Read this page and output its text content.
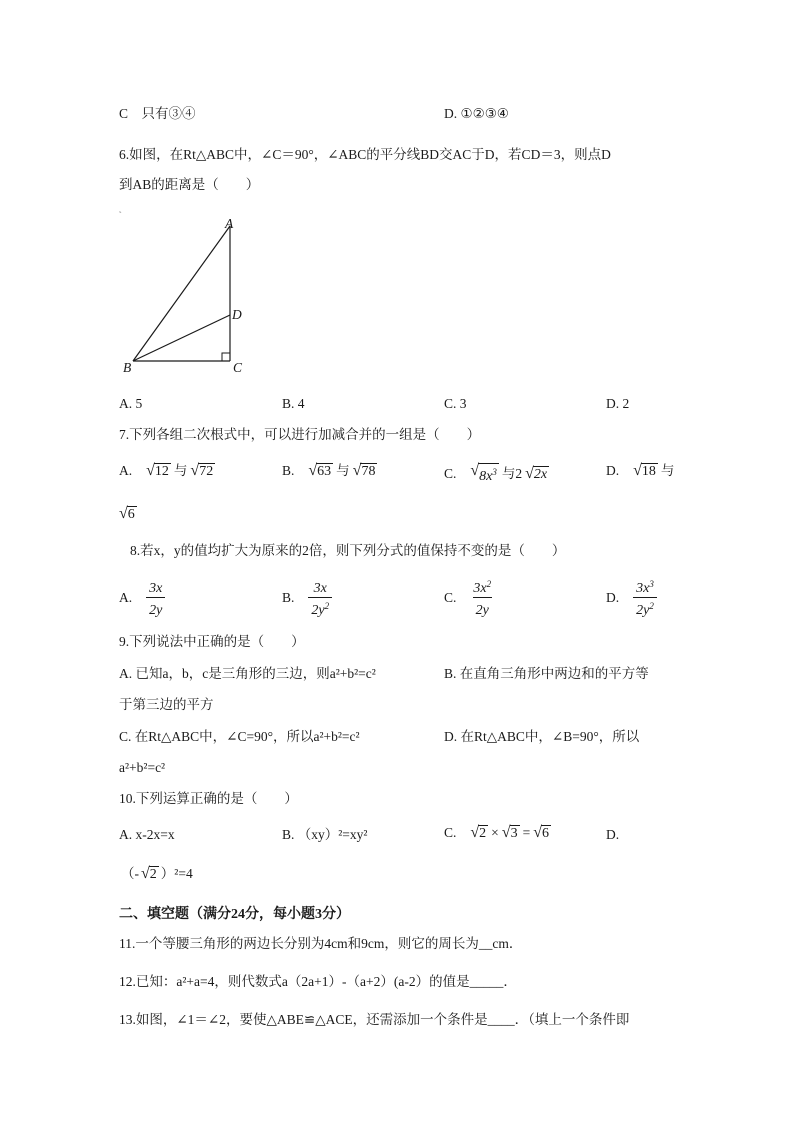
C　只有③④	D. ①②③④
6.如图，在Rt△ABC中，∠C＝90°，∠ABC的平分线BD交AC于D，若CD＝3，则点D
到AB的距离是（　　）
˛
A
D
B	C
A. 5	B. 4	C. 3	D. 2
7.下列各组二次根式中，可以进行加减合并的一组是（　　）
A. √ 12 与 √ 72	B. √ 63 与 √ 78	C. √ $8x^3$ 与2 √ 2x	D. √ 18 与
√ 6
8.若x，y的值均扩大为原来的2倍，则下列分式的值保持不变的是（　　）
A. $\frac{3x}{2y}$	B. $\frac{3x}{2y^2}$	C. $\frac{3x^2}{2y}$	D. $\frac{3x^3}{2y^2}$
9.下列说法中正确的是（　　）
A. 已知a，b，c是三角形的三边，则a²+b²=c²	B. 在直角三角形中两边和的平方等
于第三边的平方
C. 在Rt△ABC中，∠C=90°，所以a²+b²=c²	D. 在Rt△ABC中，∠B=90°，所以
a²+b²=c²
10.下列运算正确的是（　　）
A. x-2x=x	B. （xy）²=xy²	C. √ 2 × √ 3 = √ 6	D.
（- √ 2 ）²=4
二、填空题（满分24分，每小题3分）
11.一个等腰三角形的两边长分别为4cm和9cm，则它的周长为__cm．
12.已知：a²+a=4，则代数式a（2a+1）-（a+2）(a-2）的值是_____．
13.如图，∠1＝∠2，要使△ABE≌△ACE，还需添加一个条件是____．（填上一个条件即
